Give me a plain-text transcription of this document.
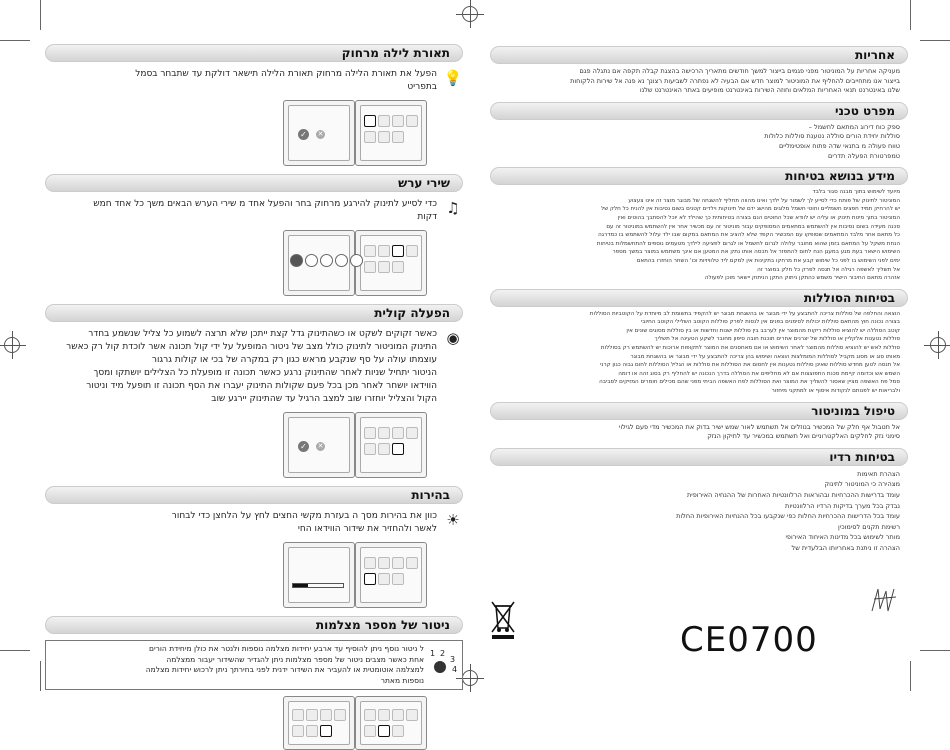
אחריות
מעניקה אחריות על המוניטור מפני פגמים בייצור למשך חודשים מתאריך הרכישה בהצגת קבלה תקפה אם נתגלה פגם
בייצור אנו מתחייבים להחליף את המוניטור למוצר חדש אם הבעיה לא נפתרה לשביעות רצונך נא פנה אל שירות הלקוחות
שלנו באינטרנט תנאי האחריות המלאים וחוזה השירות באינטרנט מופיעים באתר האינטרנט שלנו
מפרט טכני
ספק כוח דירוג המתאם לחשמל –
סוללות יחידת הורים סוללה נטענת סוללות כלולות
טווח פעולה מ בתנאי שדה פתוח אופטימליים
טמפרטורת הפעלה תדרים
מידע בנושא בטיחות
מיועד לשימוש בתוך מבנה סגור בלבד
המוניטור לתינוק של פותח כדי לסייע לך לשמור על ילדך ואינו מהווה תחליף להשגחה של מבוגר מוצר זה אינו צעצוע
יש להרחיק תמיד חפצים חשמליים וחוטי חשמל מלוגים מהישג ידם של תינוקות וילדים קטנים בשום נסיבות אין להניח כל חלק של
המוניטור בתוך מיטת תינוק או עליה יש לוודא שכל החוטים הנם בצורה בטיחותית כך שהילד לא יוכל להסתבך בהוטים ואין
סכנה מעידה בשום נסיבות אין להשתמש במתאמים המסופקים עבור מוניטור זה עם מכשיר אחר אין להשתמש במוניטור זה עם
כל מתאם אחר מלבד המתאמים שסופקו עם המכשיר הקפד שלא להציב את המתאם במקום שבו ילד עלול להשתמש בו כמדרגה
הנחת משקל על המתאם בזמן שהוא מחובר עלולה לגרום לחשמל או לגרום לפציעה לילדך מטעמים נוספים להתחשמלות בטיחות
השימוש הישאר בעת מגע במעגן הנח לחום להתפזר אל תכסה אותו נתק את המטען אם אינך משתמש במוצר במשך מספר
ימים לפני השימוש בו לפני כל שימוש קבע את מרחקו בתקינות אין למקם ליד טלוויזיות וכו' השחר הוחזרו בהתאם
אל תשליך לאשפה רגילה אל תנסה לפרק כל חלק במוצר זה
אזהרה מתאם החיבור הישיר משמש כהתקן ניתוק התקן הניתוק יישאר מוכן לפעולה
בטיחות הסוללות
הוצאה והחלפה של סוללות צריכה להתבצע על ידי מבוגר או בהשגחת מבוגר יש להקפיד בתשומת לב מיוחדת על הקוטביות הסוללות
בצורה נכונה חוץ מהתאם סוללות יכולות לסימנים בפנים אין לנסות לפרק סוללות הקוטב השלילי הקוטב החיובי
קוטב הסוללה יש להוציא סוללות ריקות מהמוצר אין לערבב בין סוללות ישנות וחדשות או בין סוללות מסוגים שונים אין
סוללות נטענות אלקליין או סוללות של יצרנים אחרים תוכנת חובה סיפון מחובר לשקע הטעינה אל תשליך
סוללות לאש יש להוציא סוללות מהמוצר לאחר השימוש או אם מאחסנים את המוצר לתקופות ארוכות יש להשתמש רק בסוללות
מאותו סוג או מסוג מקביל לסוללות המומלצות הוצאה ושימוש בהן צריכה להתבצע על ידי מבוגר או בהשגחת מבוגר
אל תנסה לטען מחדש סוללות שאינן סוללות נטענות אין לחסום את הסוללות את סוללות או הגליל הסוללות לחום גבוה כגון קרני
השמש אש וכדומה קיימת סכנת התפוצצות אם לא מחליפים את הסוללה בדרך הנכונה יש להחליף רק בסוג זהה או דומה
סמל פח האשפה מציין שאסור להשליך את המוצר ואת הסוללות לפח האשפה הביתי מפני שהם מכילים חומרים המזיקים לסביבה
ולבריאות יש לפנותם לנקודות איסוף או למתקני מיחזור
טיפול במוניטור
אל תטבול אף חלק של המכשיר בנוזלים אל תשתמש לאור שמש ישיר בדוק את המכשיר מדי פעם לגילוי
סימני נזק לחלקים האלקטרוניים ואל תשתמש במכשיר עד לתיקון הנזק
בטיחות רדיו
הצהרת תאימות
מצהירה כי המוניטור לתינוק
עומד בדרישות ההכרחיות ובהוראות הרלוונטיות האחרות של ההנחיה האירופית
נבדק בכל מערך בדיקות הרדיו הרלוונטיות
עומד בכל הדרישות ההכרחיות החלות כפי שנקבעו בכל ההנחיות האירופיות החלות
רשימת תקנים לסימוכין
מותר לשימוש בכל מדינות האיחוד האירופי
הצהרה זו ניתנת באחריותו הבלעדית של
CE0700
תאורת לילה מרחוק
💡
הפעל את תאורת הלילה מרחוק תאורת הלילה תישאר דולקת עד שתבחר בסמל
בתפריט
✓	✕
שירי ערש
♫
כדי לסייע לתינוק להירגע מרחוק בחר והפעל אחד מ שירי הערש הבאים משך כל אחד חמש
דקות
הפעלה קולית
◉
כאשר זקוקים לשקט או כשהתינוק גדל קצת ייתכן שלא תרצה לשמוע כל צליל שנשמע בחדר
התינוק המוניטור לתינוק כולל מצב של ניטור המופעל על ידי קול תכונה אשר לוכדת קול רק כאשר
עוצמתו עולה על סף שנקבע מראש כגון רק במקרה של בכי או קולות גרגור
הניטור יתחיל שניות לאחר שהתינוק נרגע כאשר תכונה זו מופעלת כל הצלילים יושתקו ומסך
הווידאו יושחר לאחר מכן בכל פעם שקולות התינוק יעברו את הסף תכונה זו תופעל מיד וניטור
הקול והצליל יוחזרו שוב למצב הרגיל עד שהתינוק יירגע שוב
✓	✕
בהירות
☀
כוון את בהירות מסך ה בעזרת מקשי החצים לחץ על הלחצן כדי לבחור
לאשר ולהחזיר את שידור הווידאו החי
ניטור של מספר מצלמות
1 2
3
4
ל ניטור נוסף ניתן להוסיף עד ארבע יחידות מצלמה נוספות ולנטר את כולן מיחידת הורים
אחת כאשר מצבים ניטור של מספר מצלמות ניתן להגדיר שהשידור יעבור ממצלמה
למצלמה אוטומטית או להעביר את השידור ידנית לפני בחירתך ניתן לרכוש יחידות מצלמה
נוספות מאתר
